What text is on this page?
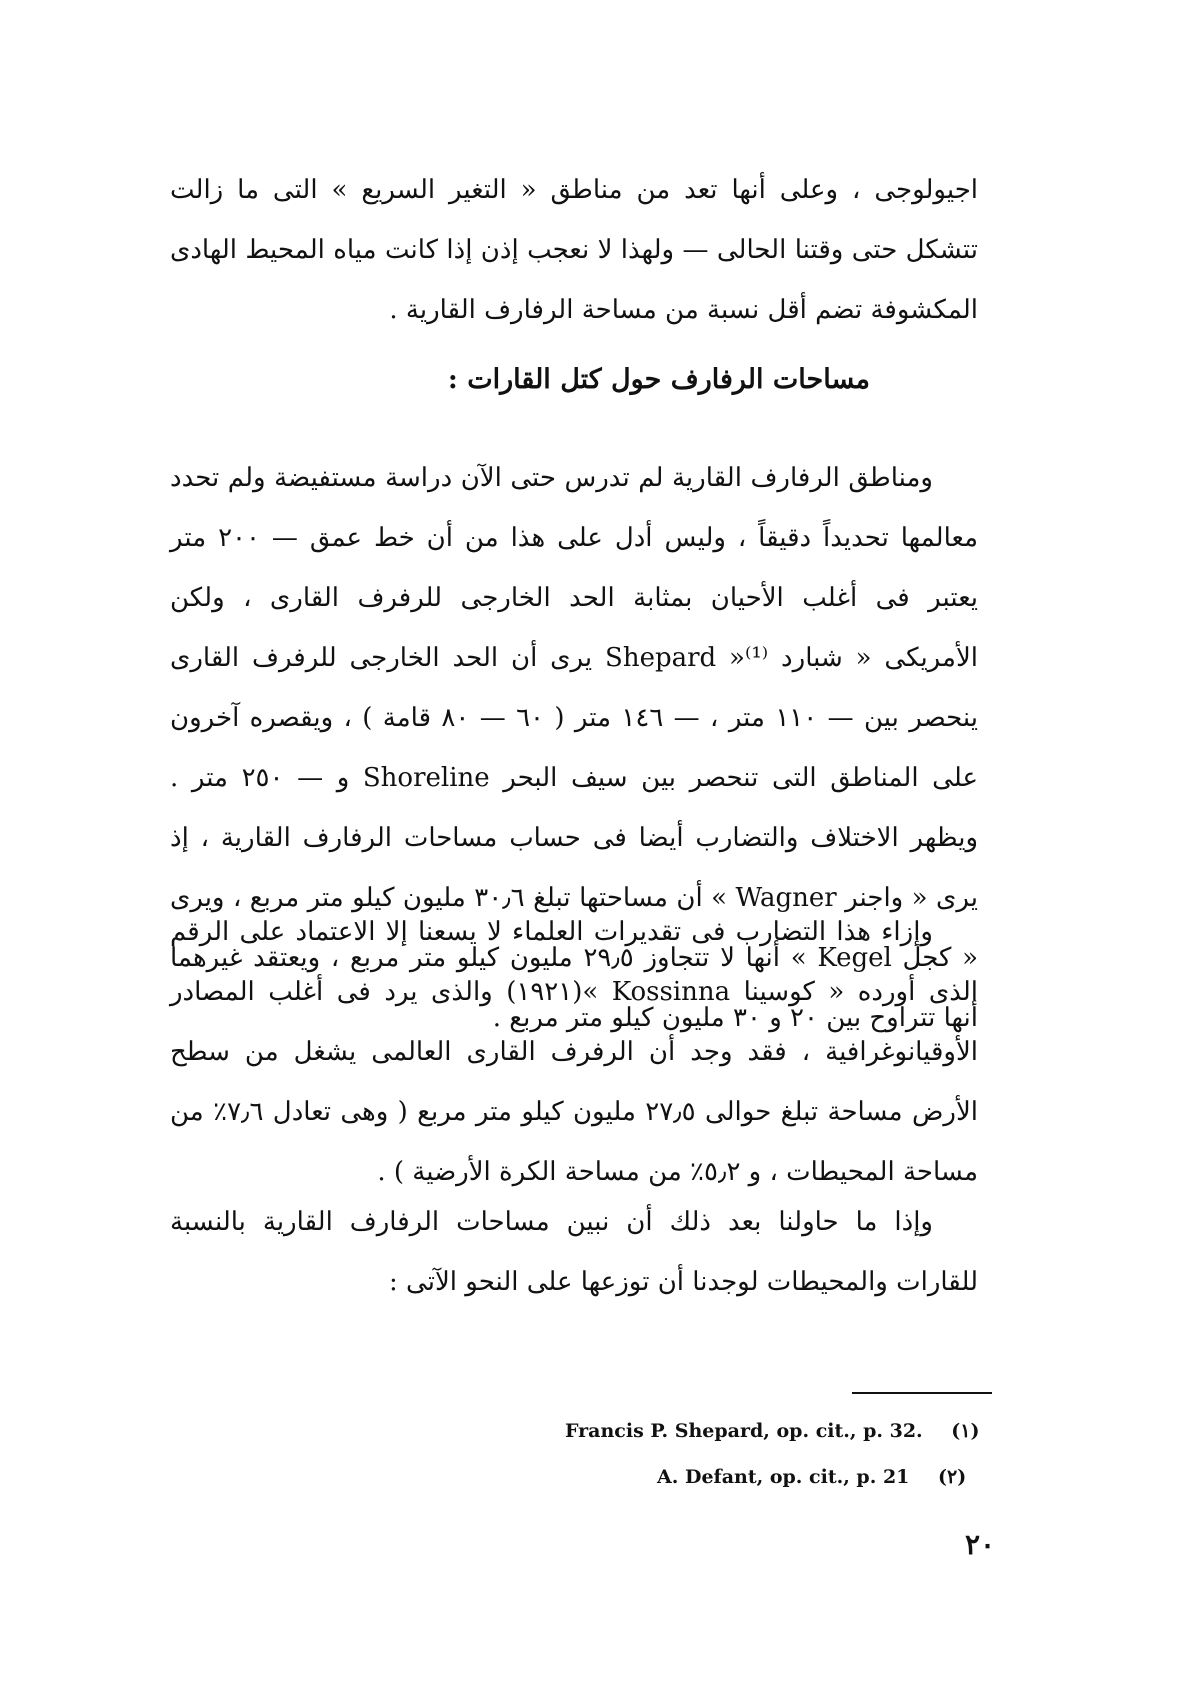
اجيولوجى ، وعلى أنها تعد من مناطق « التغير السريع » التى ما زالت تتشكل حتى وقتنا الحالى — ولهذا لا نعجب إذن إذا كانت مياه المحيط الهادى المكشوفة تضم أقل نسبة من مساحة الرفارف القارية .

مساحات الرفارف حول كتل القارات :

ومناطق الرفارف القارية لم تدرس حتى الآن دراسة مستفيضة ولم تحدد معالمها تحديداً دقيقاً ، وليس أدل على هذا من أن خط عمق — ٢٠٠ متر يعتبر فى أغلب الأحيان بمثابة الحد الخارجى للرفرف القارى ، ولكن الأمريكى « شبارد Shepard »⁽¹⁾ يرى أن الحد الخارجى للرفرف القارى ينحصر بين — ١١٠ متر ، — ١٤٦ متر ( ٦٠ — ٨٠ قامة ) ، ويقصره آخرون على المناطق التى تنحصر بين سيف البحر Shoreline و — ٢٥٠ متر . ويظهر الاختلاف والتضارب أيضا فى حساب مساحات الرفارف القارية ، إذ يرى « واجنر Wagner » أن مساحتها تبلغ ٣٠٫٦ مليون كيلو متر مربع ، ويرى « كجل Kegel » أنها لا تتجاوز ٢٩٫٥ مليون كيلو متر مربع ، ويعتقد غيرهما أنها تتراوح بين ٢٠ و ٣٠ مليون كيلو متر مربع .

وإزاء هذا التضارب فى تقديرات العلماء لا يسعنا إلا الاعتماد على الرقم الذى أورده « كوسينا Kossinna »(١٩٢١) والذى يرد فى أغلب المصادر الأوقيانوغرافية ، فقد وجد أن الرفرف القارى العالمى يشغل من سطح الأرض مساحة تبلغ حوالى ٢٧٫٥ مليون كيلو متر مربع ( وهى تعادل ٧٫٦٪ من مساحة المحيطات ، و ٥٫٢٪ من مساحة الكرة الأرضية ) .

وإذا ما حاولنا بعد ذلك أن نبين مساحات الرفارف القارية بالنسبة للقارات والمحيطات لوجدنا أن توزعها على النحو الآتى :

Francis P. Shepard, op. cit., p. 32. (١)
A. Defant, op. cit., p. 21 (٢)
٢٠
